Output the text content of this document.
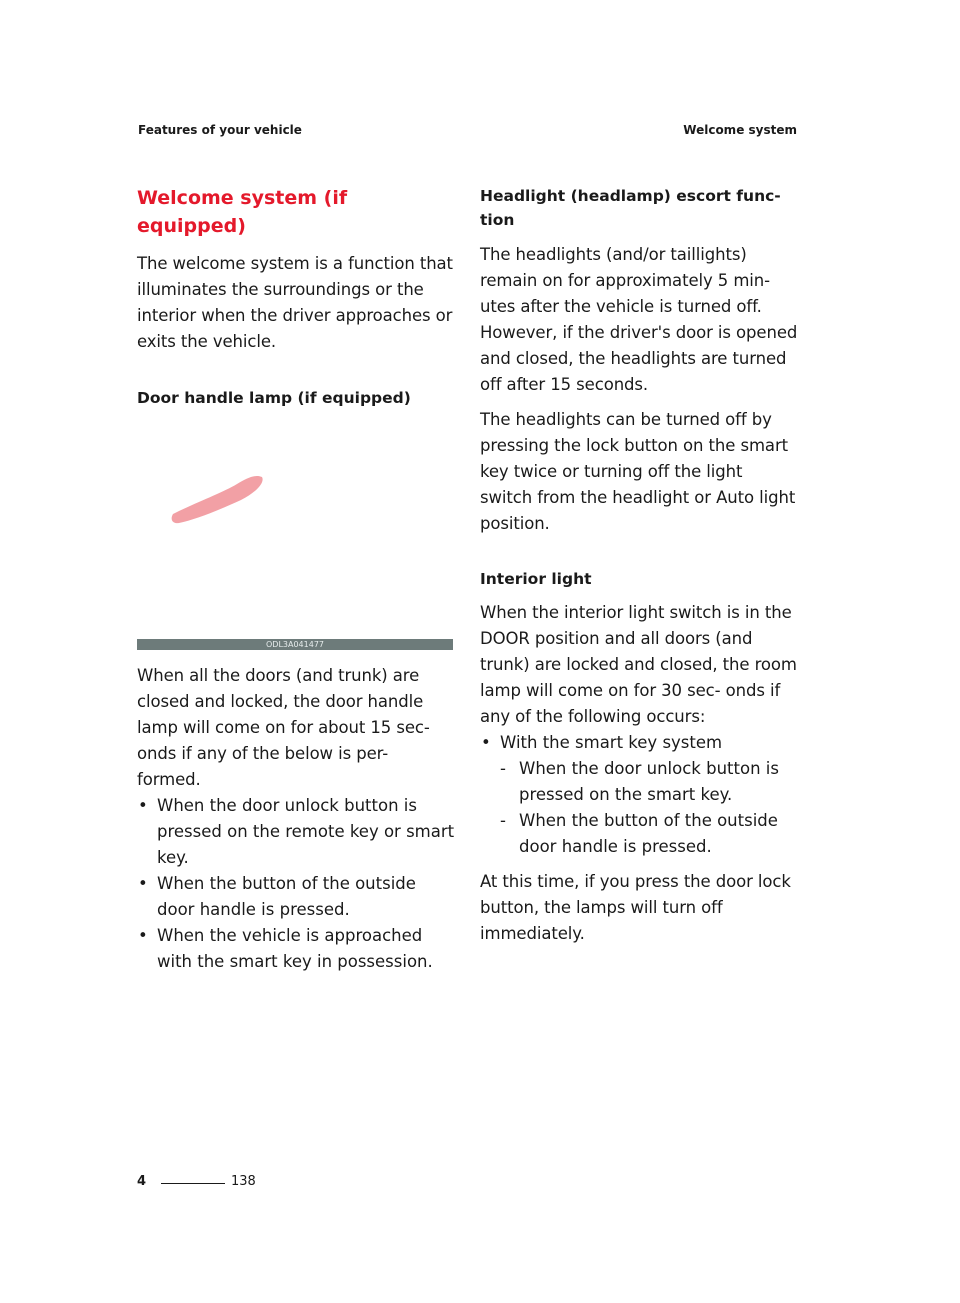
Features of your vehicle	Welcome system
Welcome system (if equipped)

The welcome system is a function that illuminates the surroundings or the interior when the driver approaches or exits the vehicle.

Door handle lamp (if equipped)
ODL3A041477

When all the doors (and trunk) are closed and locked, the door handle lamp will come on for about 15 sec- onds if any of the below is per- formed.

• When the door unlock button is pressed on the remote key or smart key.
• When the button of the outside door handle is pressed.
• When the vehicle is approached with the smart key in possession.
Headlight (headlamp) escort func- tion

The headlights (and/or taillights) remain on for approximately 5 min- utes after the vehicle is turned off. However, if the driver's door is opened and closed, the headlights are turned off after 15 seconds.

The headlights can be turned off by pressing the lock button on the smart key twice or turning off the light switch from the headlight or Auto light position.

Interior light

When the interior light switch is in the DOOR position and all doors (and trunk) are locked and closed, the room lamp will come on for 30 sec- onds if any of the following occurs:

• With the smart key system
- When the door unlock button is pressed on the smart key.
- When the button of the outside door handle is pressed.

At this time, if you press the door lock button, the lamps will turn off immediately.

4	138
